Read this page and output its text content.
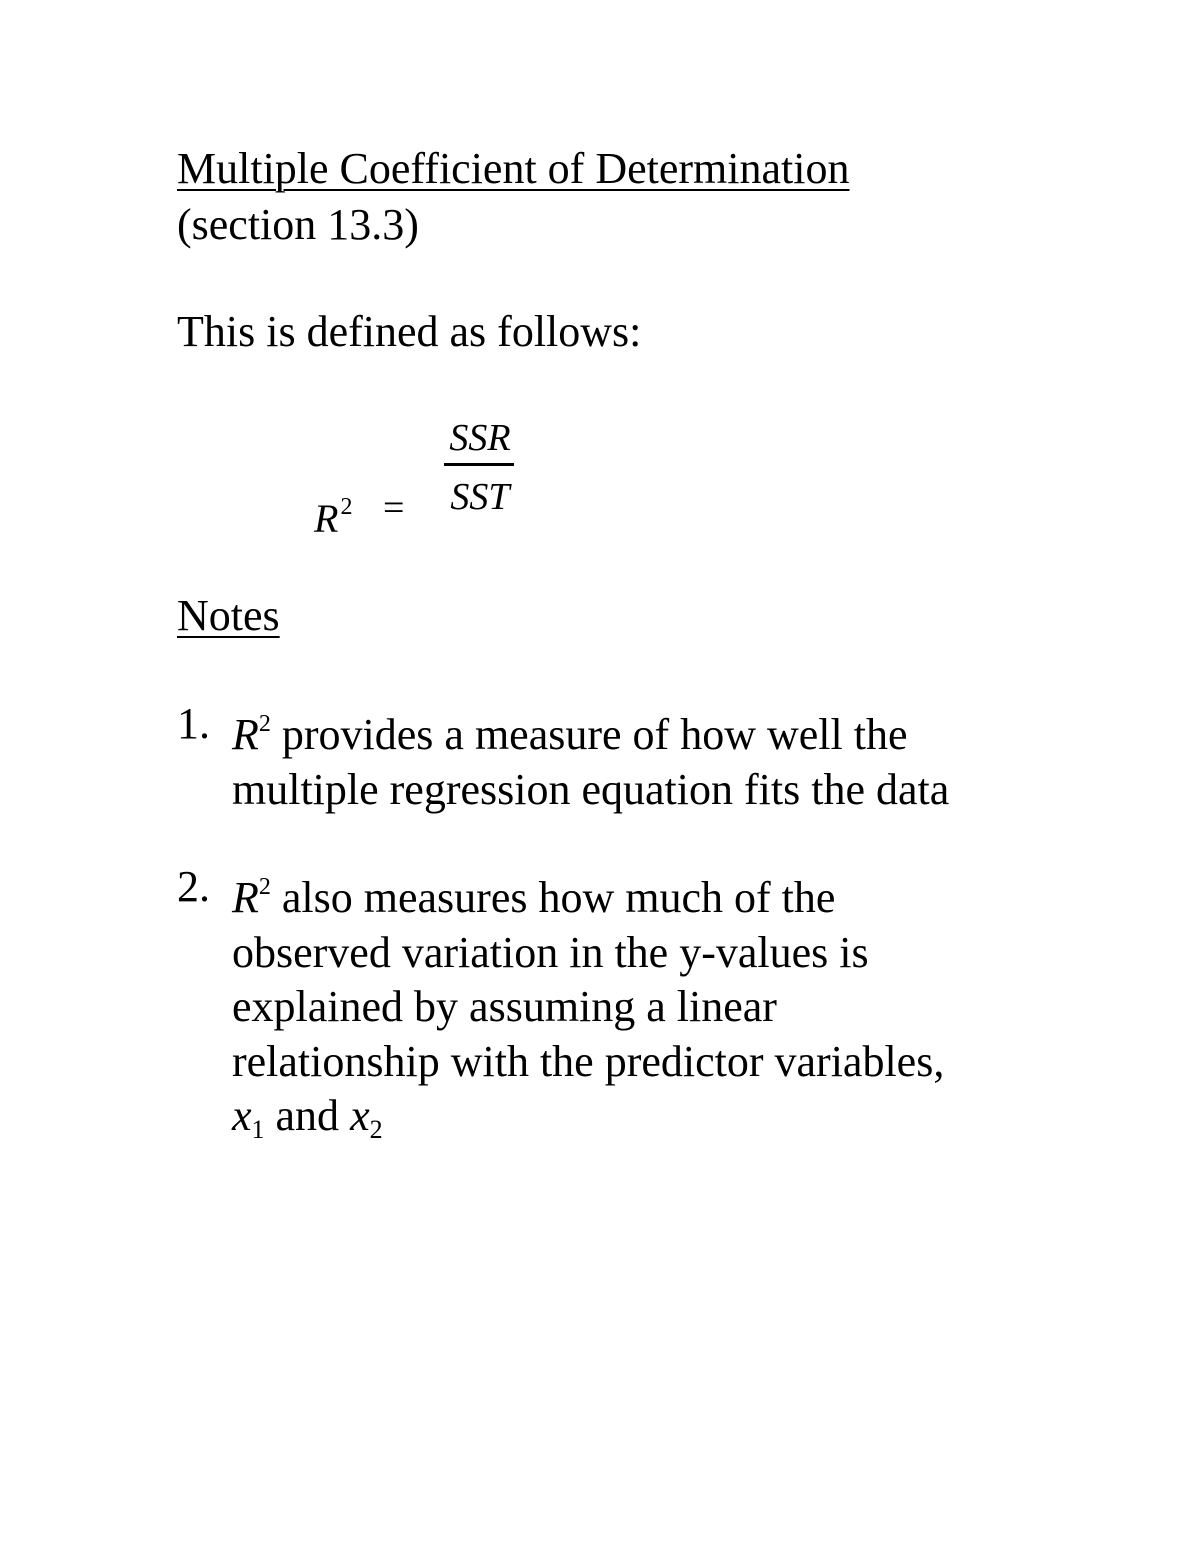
Multiple Coefficient of Determination
(section 13.3)
This is defined as follows:
$R^2$ =
SSR
SST
Notes
1. $R^2$ provides a measure of how well the
multiple regression equation fits the data
2. $R^2$ also measures how much of the
observed variation in the y-values is
explained by assuming a linear
relationship with the predictor variables,
$x_1$ and $x_2$
